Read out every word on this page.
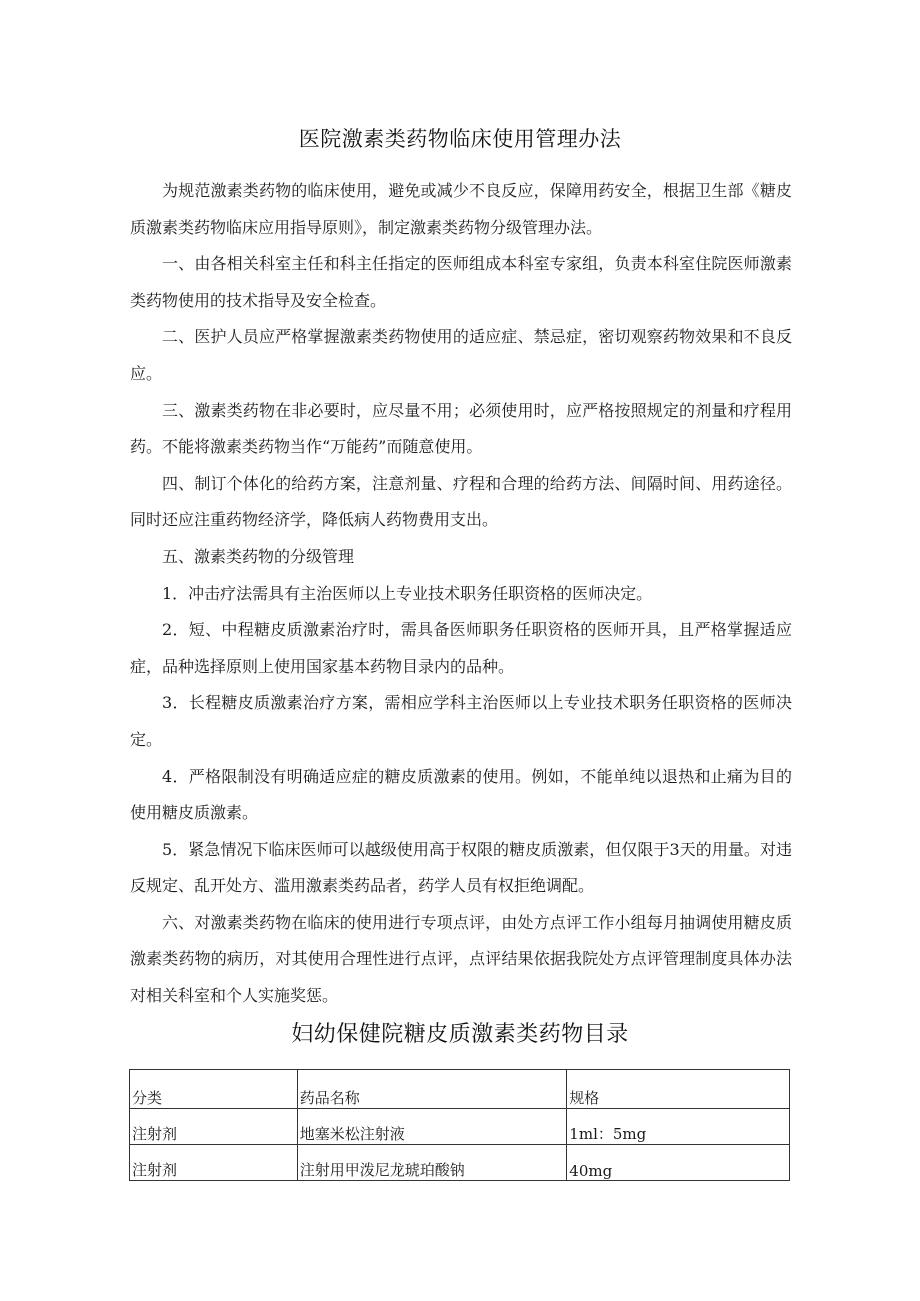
医院激素类药物临床使用管理办法

为规范激素类药物的临床使用，避免或减少不良反应，保障用药安全，根据卫生部《糖皮质激素类药物临床应用指导原则》，制定激素类药物分级管理办法。

一、由各相关科室主任和科主任指定的医师组成本科室专家组，负责本科室住院医师激素类药物使用的技术指导及安全检查。

二、医护人员应严格掌握激素类药物使用的适应症、禁忌症，密切观察药物效果和不良反应。

三、激素类药物在非必要时，应尽量不用；必须使用时，应严格按照规定的剂量和疗程用药。不能将激素类药物当作“万能药”而随意使用。

四、制订个体化的给药方案，注意剂量、疗程和合理的给药方法、间隔时间、用药途径。同时还应注重药物经济学，降低病人药物费用支出。

五、激素类药物的分级管理

1．冲击疗法需具有主治医师以上专业技术职务任职资格的医师决定。

2．短、中程糖皮质激素治疗时，需具备医师职务任职资格的医师开具，且严格掌握适应症，品种选择原则上使用国家基本药物目录内的品种。

3．长程糖皮质激素治疗方案，需相应学科主治医师以上专业技术职务任职资格的医师决定。

4．严格限制没有明确适应症的糖皮质激素的使用。例如，不能单纯以退热和止痛为目的使用糖皮质激素。

5．紧急情况下临床医师可以越级使用高于权限的糖皮质激素，但仅限于3天的用量。对违反规定、乱开处方、滥用激素类药品者，药学人员有权拒绝调配。

六、对激素类药物在临床的使用进行专项点评，由处方点评工作小组每月抽调使用糖皮质激素类药物的病历，对其使用合理性进行点评，点评结果依据我院处方点评管理制度具体办法对相关科室和个人实施奖惩。

妇幼保健院糖皮质激素类药物目录
分类	药品名称	规格
注射剂	地塞米松注射液	1ml：5mg
注射剂	注射用甲泼尼龙琥珀酸钠	40mg
